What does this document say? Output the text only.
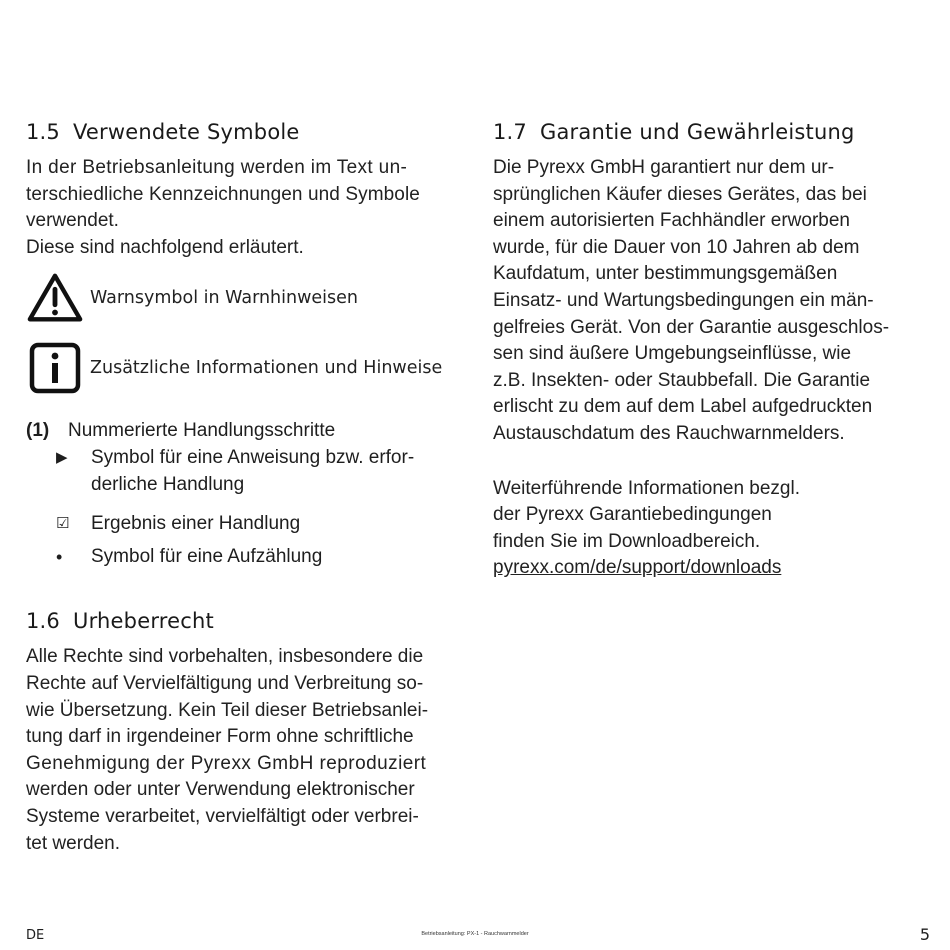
1.5 Verwendete Symbole

In der Betriebsanleitung werden im Text un-
terschiedliche Kennzeichnungen und Symbole
verwendet.
Diese sind nachfolgend erläutert.

Warnsymbol in Warnhinweisen
Zusätzliche Informationen und Hinweise
(1) Nummerierte Handlungsschritte
▶	Symbol für eine Anweisung bzw. erfor-
derliche Handlung
☑	Ergebnis einer Handlung
•	Symbol für eine Aufzählung
1.6 Urheberrecht

Alle Rechte sind vorbehalten, insbesondere die
Rechte auf Vervielfältigung und Verbreitung so-
wie Übersetzung. Kein Teil dieser Betriebsanlei-
tung darf in irgendeiner Form ohne schriftliche
Genehmigung der Pyrexx GmbH reproduziert
werden oder unter Verwendung elektronischer
Systeme verarbeitet, vervielfältigt oder verbrei-
tet werden.

1.7 Garantie und Gewährleistung

Die Pyrexx GmbH garantiert nur dem ur-
sprünglichen Käufer dieses Gerätes, das bei
einem autorisierten Fachhändler erworben
wurde, für die Dauer von 10 Jahren ab dem
Kaufdatum, unter bestimmungsgemäßen
Einsatz- und Wartungsbedingungen ein män-
gelfreies Gerät. Von der Garantie ausgeschlos-
sen sind äußere Umgebungseinflüsse, wie
z.B. Insekten- oder Staubbefall. Die Garantie
erlischt zu dem auf dem Label aufgedruckten
Austauschdatum des Rauchwarnmelders.

Weiterführende Informationen bezgl.
der Pyrexx Garantiebedingungen
finden Sie im Downloadbereich.
pyrexx.com/de/support/downloads

DE	Betriebsanleitung: PX-1 - Rauchwarnmelder	5
